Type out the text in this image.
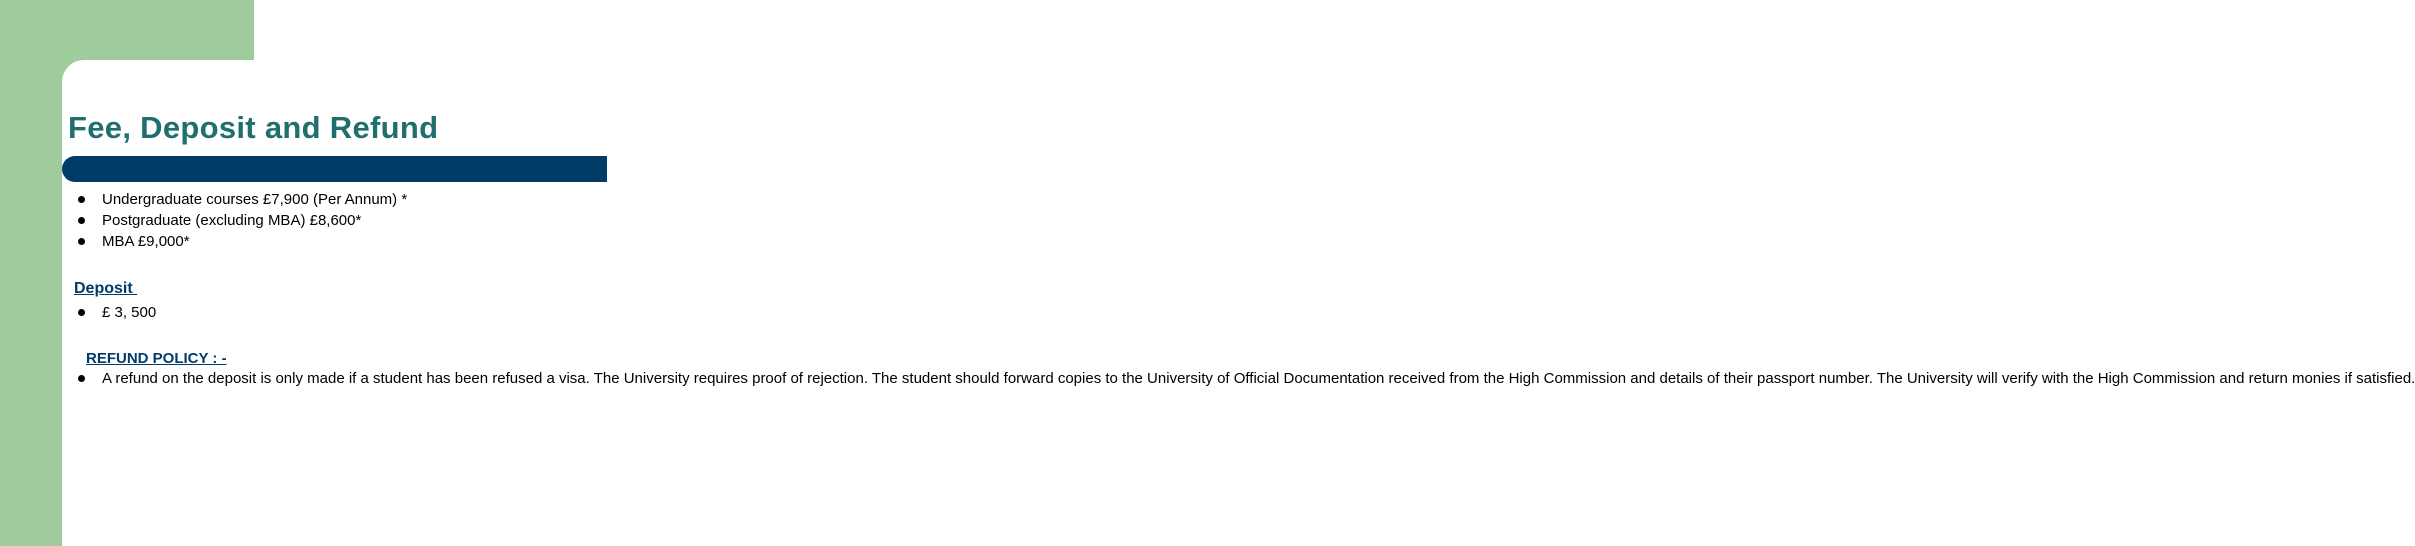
Fee, Deposit and Refund
Undergraduate courses £7,900 (Per Annum) *
Postgraduate (excluding MBA) £8,600*
MBA £9,000*

Deposit

£ 3, 500

REFUND POLICY : -

A refund on the deposit is only made if a student has been refused a visa. The University requires proof of rejection. The student should forward copies to the University of Official Documentation received from the High Commission and details of their passport number. The University will verify with the High Commission and return monies if satisfied.
